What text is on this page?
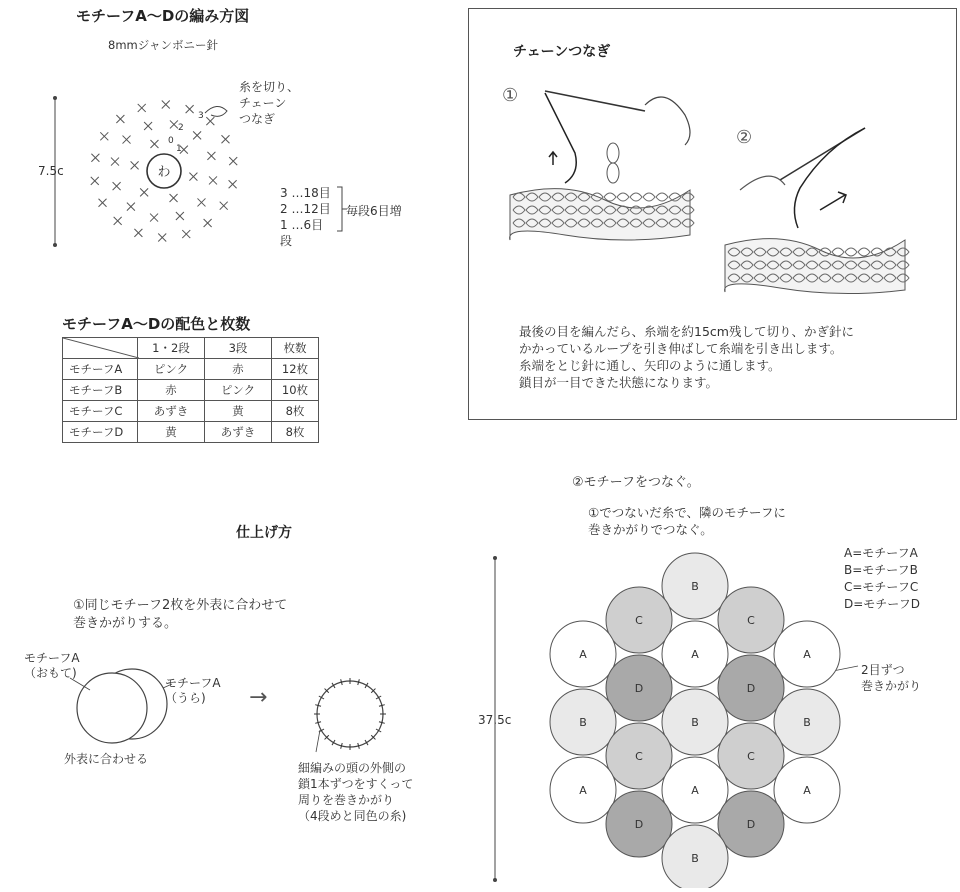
モチーフA〜Dの編み方図
8mmジャンボニー針
糸を切り、
チェーン
つなぎ
わ
2
3
0
1
7.5c
3 …18目
2 …12目
1 …6目
段
毎段6目増
モチーフA〜Dの配色と枚数
	1・2段	3段	枚数
モチーフA	ピンク	赤	12枚
モチーフB	赤	ピンク	10枚
モチーフC	あずき	黄	8枚
モチーフD	黄	あずき	8枚
チェーンつなぎ
①
②
最後の目を編んだら、糸端を約15cm残して切り、かぎ針に
かかっているループを引き伸ばして糸端を引き出します。
糸端をとじ針に通し、矢印のように通します。
鎖目が一目できた状態になります。
仕上げ方
①同じモチーフ2枚を外表に合わせて
巻きかがりする。
モチーフA
（おもて)
モチーフA
（うら)
外表に合わせる
→
細編みの頭の外側の
鎖1本ずつをすくって
周りを巻きかがり
（4段めと同色の糸)
②モチーフをつなぐ。
①でつないだ糸で、隣のモチーフに
巻きかがりでつなぐ。
A=モチーフA
B=モチーフB
C=モチーフC
D=モチーフD
2目ずつ
巻きかがり
37.5c
B
C	C
A	A	A
D	D
B	B	B
C	C
A	A	A
D	D
B
